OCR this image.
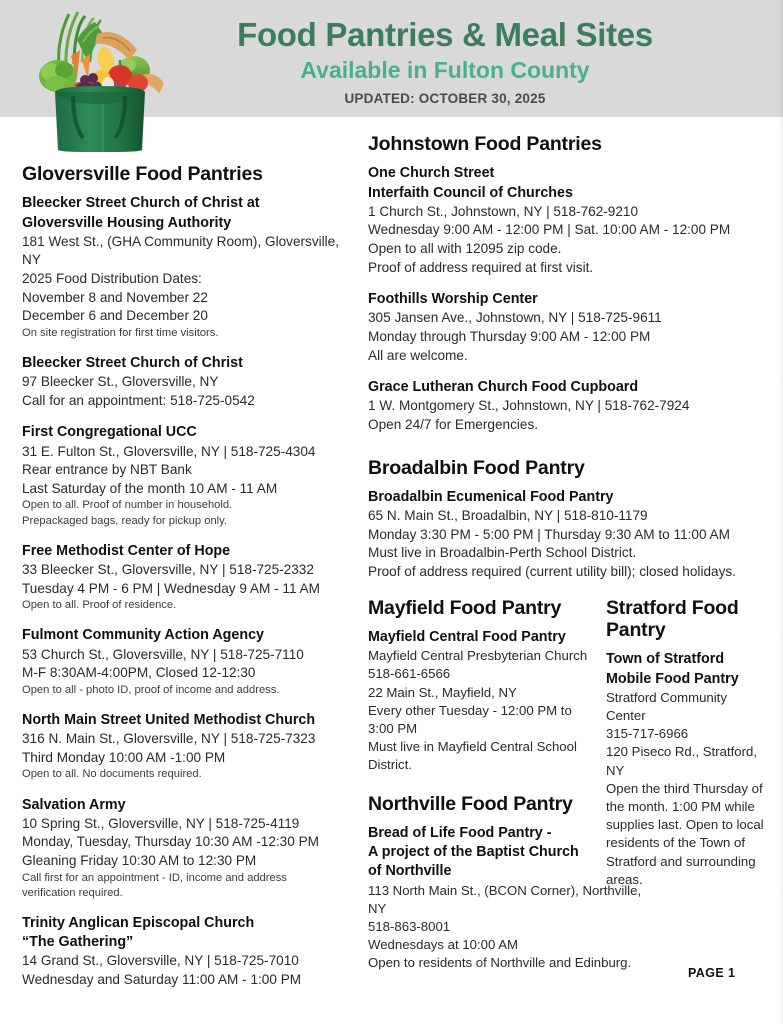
Food Pantries & Meal Sites
Available in Fulton County
UPDATED: OCTOBER 30, 2025
Gloversville Food Pantries
Bleecker Street Church of Christ at
Gloversville Housing Authority
181 West St., (GHA Community Room), Gloversville, NY
2025 Food Distribution Dates:
November 8 and November 22
December 6 and December 20
On site registration for first time visitors.
Bleecker Street Church of Christ
97 Bleecker St., Gloversville, NY
Call for an appointment: 518-725-0542
First Congregational UCC
31 E. Fulton St., Gloversville, NY | 518-725-4304
Rear entrance by NBT Bank
Last Saturday of the month 10 AM - 11 AM
Open to all. Proof of number in household.
Prepackaged bags, ready for pickup only.
Free Methodist Center of Hope
33 Bleecker St., Gloversville, NY | 518-725-2332
Tuesday 4 PM - 6 PM | Wednesday 9 AM - 11 AM
Open to all. Proof of residence.
Fulmont Community Action Agency
53 Church St., Gloversville, NY | 518-725-7110
M-F 8:30AM-4:00PM, Closed 12-12:30
Open to all - photo ID, proof of income and address.
North Main Street United Methodist Church
316 N. Main St., Gloversville, NY | 518-725-7323
Third Monday 10:00 AM -1:00 PM
Open to all. No documents required.
Salvation Army
10 Spring St., Gloversville, NY | 518-725-4119
Monday, Tuesday, Thursday 10:30 AM -12:30 PM
Gleaning Friday 10:30 AM to 12:30 PM
Call first for an appointment - ID, income and address
verification required.
Trinity Anglican Episcopal Church
“The Gathering”
14 Grand St., Gloversville, NY | 518-725-7010
Wednesday and Saturday 11:00 AM - 1:00 PM
Johnstown Food Pantries
One Church Street
Interfaith Council of Churches
1 Church St., Johnstown, NY | 518-762-9210
Wednesday 9:00 AM - 12:00 PM | Sat. 10:00 AM - 12:00 PM
Open to all with 12095 zip code.
Proof of address required at first visit.
Foothills Worship Center
305 Jansen Ave., Johnstown, NY | 518-725-9611
Monday through Thursday 9:00 AM - 12:00 PM
All are welcome.
Grace Lutheran Church Food Cupboard
1 W. Montgomery St., Johnstown, NY | 518-762-7924
Open 24/7 for Emergencies.
Broadalbin Food Pantry
Broadalbin Ecumenical Food Pantry
65 N. Main St., Broadalbin, NY | 518-810-1179
Monday 3:30 PM - 5:00 PM | Thursday 9:30 AM to 11:00 AM
Must live in Broadalbin-Perth School District.
Proof of address required (current utility bill); closed holidays.
Mayfield Food Pantry
Mayfield Central Food Pantry
Mayfield Central Presbyterian Church
518-661-6566
22 Main St., Mayfield, NY
Every other Tuesday - 12:00 PM to
3:00 PM
Must live in Mayfield Central School
District.
Northville Food Pantry
Bread of Life Food Pantry -
A project of the Baptist Church
of Northville
113 North Main St., (BCON Corner), Northville, NY
518-863-8001
Wednesdays at 10:00 AM
Open to residents of Northville and Edinburg.
Stratford Food
Pantry
Town of Stratford
Mobile Food Pantry
Stratford Community Center
315-717-6966
120 Piseco Rd., Stratford, NY
Open the third Thursday of
the month. 1:00 PM while
supplies last. Open to local
residents of the Town of
Stratford and surrounding
areas.
PAGE 1
